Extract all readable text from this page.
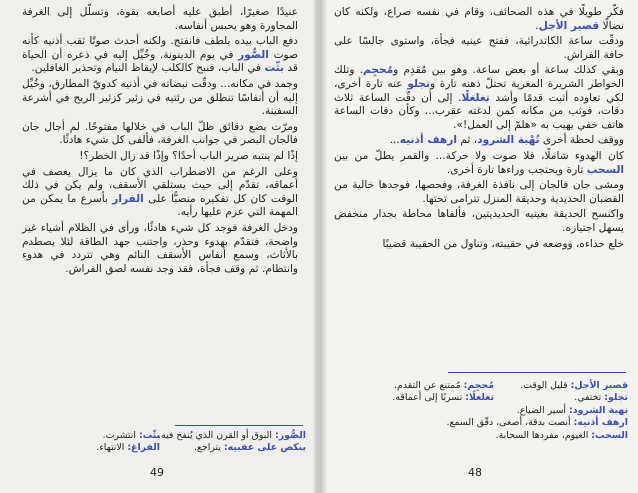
عنيدًا صغيرًا، أطبق عليه أصابعه بقوة، وتسلّل إلى الغرفة المجاورة وهو يحبس أنفاسه.

دفع الباب بيده بلطف فانفتح. ولكنه أحدث صوتًا ثقب أذنيه كأنه صوت الصُّور في يوم الدينونة. وخُيِّل إليه في ذعره أن الحياة قد بثّت في الباب، فنبح كالكلب لإيقاظ النيام وتحذير الغافلين.

وجمد في مكانه... ودقّت نبضاته في أذنيه كدويّ المطارق، وخُيِّل إليه أن أنفاسًا تنطلق من رئتيه في زئير كزئير الريح في أشرعة السفينة.

ومرّت بضع دقائق ظلّ الباب في خلالها مفتوحًا. لم أجال جان فالجان البصر في جوانب الغرفة، فألفى كل شيء هادئًا.

إذًا لم ينتبه صرير الباب أحدًا؟ وإذًا قد زال الخطر؟!

وعلى الرغم من الاضطراب الذي كان ما يزال يعصف في أعماقه، تقدّم إلى حيث يستلقي الأسقف، ولم يكن في ذلك الوقت كان كل تفكيره منصبًّا على الفرار بأسرع ما يمكن من المهمة التي عزم عليها رأيه.

ودخل الغرفة فوجد كل شيء هادئًا، ورأى في الظلام أشياء غير واضحة، فتقدّم بهدوء وحذر، واجتنب جهد الطاقة لئلا يصطدم بالأثاث، وسمع أنفاس الأسقف النائم وهي تتردد في هدوء وانتظام. ثم وقف فجأة، فقد وجد نفسه لصق الفراش.

الصُّور: البوق أو القرن الذي يُنفخ فيه.
ينكص على عقبيه: يتراجع.
بثّت: انتشرت.
الفراغ: الانتهاء.
49

فكّر طويلًا في هذه الصحائف، وقام في نفسه صراع، ولكنه كان نضالًا قصير الأجل.

ودقّت ساعة الكاتدرائية، ففتح عينيه فجأة، واستوى جالسًا على حافة الفراش.

وبقي كذلك ساعة أو بعض ساعة. وهو بين مُقدِم ومُحجِم. وتلك الخواطر الشريرة المغرية تحتلّ ذهنه تارة وتجلو عنه تارة أخرى، لكي تعاوده أثبت قدمًا وأشد تغلغلًا. إلى أن دقّت الساعة ثلاث دقات، فوثب من مكانه كمن لدغته عقرب... وكأن دقات الساعة هاتف خفي يهيب به «هلمّ إلى العمل!».

ووقف لحظة أخرى نُهْبة الشرود، ثم ارهف أذنيه...

كان الهدوء شاملًا، فلا صوت ولا حركة... والقمر يطلّ من بين السحب تارة ويحتجب وراءها تارة أخرى.

ومشى جان فالجان إلى نافذة الغرفة، وفحصها، فوجدها خالية من القضبان الحديدية وحديقة المنزل تترامى تحتها.

واكتسح الحديقة بعينيه الحديديتين، فألفاها محاطة بجدار منخفض يسهل اجتيازه.

خلع حذاءه، ووضعه في حقيبته، وتناول من الحقيبة قضيبًا

قصير الأجل: قليل الوقت.
تجلو: تختفي.
نهبة الشرود: أسير الضياع.
ارهف أذنيه: أنصت بدقة، أصغى، دقّق السمع.
السحب: الغيوم، مفردها السحابة.
مُحجِم: مُمتنع عن التقدم.
تغلغلًا: تسربًا إلى أعماقه.
48
